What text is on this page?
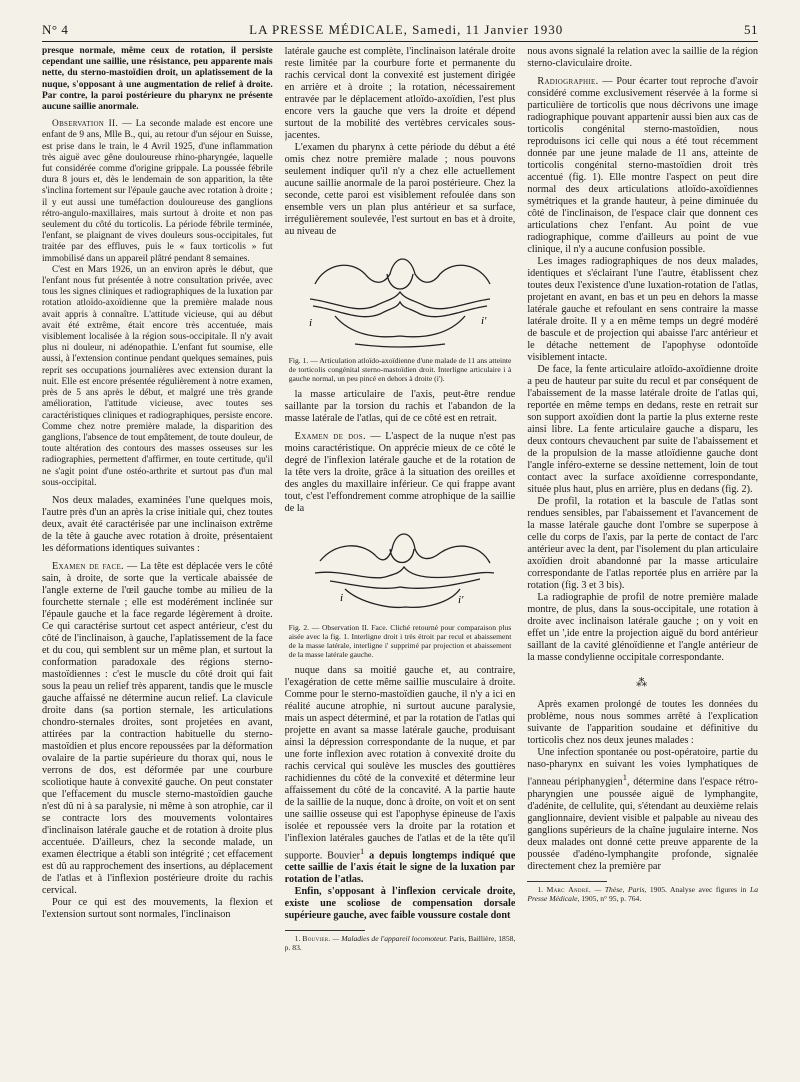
N° 4	LA PRESSE MÉDICALE, Samedi, 11 Janvier 1930	51

presque normale, même ceux de rotation, il persiste cependant une saillie, une résistance, peu apparente mais nette, du sterno-mastoïdien droit, un aplatissement de la nuque, s'opposant à une augmentation de relief à droite. Par contre, la paroi postérieure du pharynx ne présente aucune saillie anormale.

Observation II. — La seconde malade est encore une enfant de 9 ans, Mlle B., qui, au retour d'un séjour en Suisse, est prise dans le train, le 4 Avril 1925, d'une inflammation très aiguë avec gêne douloureuse rhino-pharyngée, laquelle fut considérée comme d'origine grippale. La poussée fébrile dura 8 jours et, dès le lendemain de son apparition, la tête s'inclina fortement sur l'épaule gauche avec rotation à droite ; il y eut aussi une tuméfaction douloureuse des ganglions rétro-angulo-maxillaires, mais surtout à droite et non pas seulement du côté du torticolis. La période fébrile terminée, l'enfant, se plaignant de vives douleurs sous-occipitales, fut traitée par des effluves, puis le « faux torticolis » fut immobilisé dans un appareil plâtré pendant 8 semaines.

C'est en Mars 1926, un an environ après le début, que l'enfant nous fut présentée à notre consultation privée, avec tous les signes cliniques et radiographiques de la luxation par rotation atloïdo-axoïdienne que la première malade nous avait appris à connaître. L'attitude vicieuse, qui au début avait été extrême, était encore très accentuée, mais visiblement localisée à la région sous-occipitale. Il n'y avait plus ni douleur, ni adénopathie. L'enfant fut soumise, elle aussi, à l'extension continue pendant quelques semaines, puis reprit ses occupations journalières avec extension durant la nuit. Elle est encore présentée régulièrement à notre examen, près de 5 ans après le début, et malgré une très grande amélioration, l'attitude vicieuse, avec toutes ses caractéristiques cliniques et radiographiques, persiste encore. Comme chez notre première malade, la disparition des ganglions, l'absence de tout empâtement, de toute douleur, de toute altération des contours des masses osseuses sur les radiographies, permettent d'affirmer, en toute certitude, qu'il ne s'agit point d'une ostéo-arthrite et surtout pas d'un mal sous-occipital.

Nos deux malades, examinées l'une quelques mois, l'autre près d'un an après la crise initiale qui, chez toutes deux, avait été caractérisée par une inclinaison extrême de la tête à gauche avec rotation à droite, présentaient les déformations identiques suivantes :

Examen de face. — La tête est déplacée vers le côté sain, à droite, de sorte que la verticale abaissée de l'angle externe de l'œil gauche tombe au milieu de la fourchette sternale ; elle est modérément inclinée sur l'épaule gauche et la face regarde légèrement à droite. Ce qui caractérise surtout cet aspect antérieur, c'est du côté de l'inclinaison, à gauche, l'aplatissement de la face et du cou, qui semblent sur un même plan, et surtout la conformation paradoxale des régions sterno-mastoïdiennes : c'est le muscle du côté droit qui fait sous la peau un relief très apparent, tandis que le muscle gauche affaissé ne détermine aucun relief. La clavicule droite dans (sa portion sternale, les articulations chondro-sternales droites, sont projetées en avant, attirées par la contraction habituelle du sterno-mastoïdien et plus encore repoussées par la déformation ovalaire de la partie supérieure du thorax qui, nous le verrons de dos, est déformée par une courbure scoliotique haute à convexité gauche. On peut constater que l'effacement du muscle sterno-mastoïdien gauche n'est dû ni à sa paralysie, ni même à son atrophie, car il se contracte lors des mouvements volontaires d'inclinaison latérale gauche et de rotation à droite plus accentuée. D'ailleurs, chez la seconde malade, un examen électrique a établi son intégrité ; cet effacement est dû au rapprochement des insertions, au déplacement de l'atlas et à l'inflexion postérieure droite du rachis cervical.

Pour ce qui est des mouvements, la flexion et l'extension surtout sont normales, l'inclinaison

latérale gauche est complète, l'inclinaison latérale droite reste limitée par la courbure forte et permanente du rachis cervical dont la convexité est justement dirigée en arrière et à droite ; la rotation, nécessairement entravée par le déplacement atloïdo-axoïdien, l'est plus encore vers la gauche que vers la droite et dépend surtout de la mobilité des vertèbres cervicales sous-jacentes.

L'examen du pharynx à cette période du début a été omis chez notre première malade ; nous pouvons seulement indiquer qu'il n'y a chez elle actuellement aucune saillie anormale de la paroi postérieure. Chez la seconde, cette paroi est visiblement refoulée dans son ensemble vers un plan plus antérieur et sa surface, irrégulièrement soulevée, l'est surtout en bas et à droite, au niveau de

i	i'
Fig. 1. — Articulation atloïdo-axoïdienne d'une malade de 11 ans atteinte de torticolis congénital sterno-mastoïdien droit. Interligne articulaire i à gauche normal, un peu pincé en dehors à droite (i').

la masse articulaire de l'axis, peut-être rendue saillante par la torsion du rachis et l'abandon de la masse latérale de l'atlas, qui de ce côté est en retrait.

Examen de dos. — L'aspect de la nuque n'est pas moins caractéristique. On apprécie mieux de ce côté le degré de l'inflexion latérale gauche et de la rotation de la tête vers la droite, grâce à la situation des oreilles et des angles du maxillaire inférieur. Ce qui frappe avant tout, c'est l'effondrement comme atrophique de la saillie de la

i	i'
Fig. 2. — Observation II. Face. Cliché retourné pour comparaison plus aisée avec la fig. 1. Interligne droit i très étroit par recul et abaissement de la masse latérale, interligne i' supprimé par projection et abaissement de la masse latérale gauche.

nuque dans sa moitié gauche et, au contraire, l'exagération de cette même saillie musculaire à droite. Comme pour le sterno-mastoïdien gauche, il n'y a ici en réalité aucune atrophie, ni surtout aucune paralysie, mais un aspect déterminé, et par la rotation de l'atlas qui projette en avant sa masse latérale gauche, produisant ainsi la dépression correspondante de la nuque, et par une forte inflexion avec rotation à convexité droite du rachis cervical qui soulève les muscles des gouttières rachidiennes du côté de la convexité et détermine leur affaissement du côté de la concavité. A la partie haute de la saillie de la nuque, donc à droite, on voit et on sent une saillie osseuse qui est l'apophyse épineuse de l'axis isolée et repoussée vers la droite par la rotation et l'inflexion latérales gauches de l'atlas et de la tête qu'il supporte. Bouvier$^1$ a depuis longtemps indiqué que cette saillie de l'axis était le signe de la luxation par rotation de l'atlas.

Enfin, s'opposant à l'inflexion cervicale droite, existe une scoliose de compensation dorsale supérieure gauche, avec faible voussure costale dont

1. Bouvier. — Maladies de l'appareil locomoteur. Paris, Baillière, 1858, p. 83.

nous avons signalé la relation avec la saillie de la région sterno-claviculaire droite.

Radiographie. — Pour écarter tout reproche d'avoir considéré comme exclusivement réservée à la forme si particulière de torticolis que nous décrivons une image radiographique pouvant appartenir aussi bien aux cas de torticolis congénital sterno-mastoïdien, nous reproduisons ici celle qui nous a été tout récemment donnée par une jeune malade de 11 ans, atteinte de torticolis congénital sterno-mastoïdien droit très accentué (fig. 1). Elle montre l'aspect on peut dire normal des deux articulations atloïdo-axoïdiennes symétriques et la grande hauteur, à peine diminuée du côté de l'inclinaison, de l'espace clair que donnent ces articulations chez l'enfant. Au point de vue radiographique, comme d'ailleurs au point de vue clinique, il n'y a aucune confusion possible.

Les images radiographiques de nos deux malades, identiques et s'éclairant l'une l'autre, établissent chez toutes deux l'existence d'une luxation-rotation de l'atlas, projetant en avant, en bas et un peu en dehors la masse latérale gauche et refoulant en sens contraire la masse latérale droite. Il y a en même temps un degré modéré de bascule et de projection qui abaisse l'arc antérieur et le détache nettement de l'apophyse odontoïde visiblement intacte.

De face, la fente articulaire atloïdo-axoïdienne droite a peu de hauteur par suite du recul et par conséquent de l'abaissement de la masse latérale droite de l'atlas qui, reportée en même temps en dedans, reste en retrait sur son support axoïdien dont la partie la plus externe reste ainsi libre. La fente articulaire gauche a disparu, les deux contours chevauchent par suite de l'abaissement et de la propulsion de la masse atloïdienne gauche dont l'angle inféro-externe se dessine nettement, loin de tout contact avec la surface axoïdienne correspondante, située plus haut, plus en arrière, plus en dedans (fig. 2).

De profil, la rotation et la bascule de l'atlas sont rendues sensibles, par l'abaissement et l'avancement de la masse latérale gauche dont l'ombre se superpose à celle du corps de l'axis, par la perte de contact de l'arc antérieur avec la dent, par l'isolement du plan articulaire axoïdien droit abandonné par la masse articulaire correspondante de l'atlas reportée plus en arrière par la rotation (fig. 3 et 3 bis).

La radiographie de profil de notre première malade montre, de plus, dans la sous-occipitale, une rotation à droite avec inclinaison latérale gauche ; on y voit en effet un ',ide entre la projection aiguë du bord antérieur saillant de la cavité glénoïdienne et l'angle antérieur de la masse condylienne occipitale correspondante.

⁂

Après examen prolongé de toutes les données du problème, nous nous sommes arrêté à l'explication suivante de l'apparition soudaine et définitive du torticolis chez nos deux jeunes malades :

Une infection spontanée ou post-opératoire, partie du naso-pharynx en suivant les voies lymphatiques de l'anneau périphanygien$^1$, détermine dans l'espace rétro-pharyngien une poussée aiguë de lymphangite, d'adénite, de cellulite, qui, s'étendant au deuxième relais ganglionnaire, devient visible et palpable au niveau des ganglions supérieurs de la chaîne jugulaire interne. Nos deux malades ont donné cette preuve apparente de la poussée d'adéno-lymphangite profonde, signalée directement chez la première par

1. Marc André. — Thèse, Paris, 1905. Analyse avec figures in La Presse Médicale, 1905, n° 95, p. 764.
